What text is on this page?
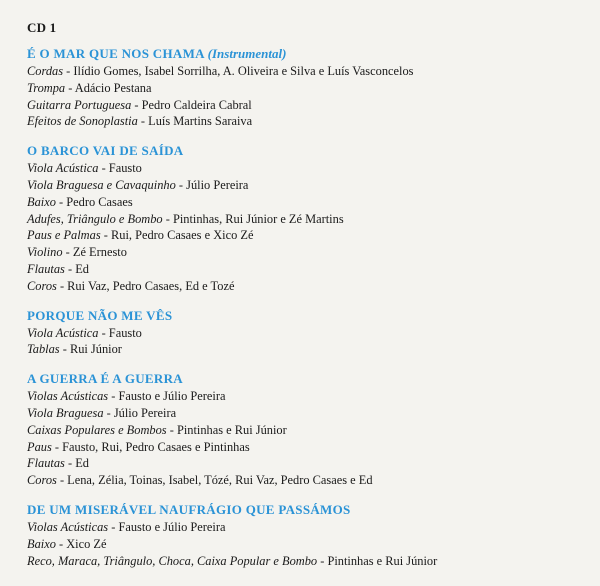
CD 1
É O MAR QUE NOS CHAMA (Instrumental)
Cordas - Ilídio Gomes, Isabel Sorrilha, A. Oliveira e Silva e Luís Vasconcelos
Trompa - Adácio Pestana
Guitarra Portuguesa - Pedro Caldeira Cabral
Efeitos de Sonoplastia - Luís Martins Saraiva
O BARCO VAI DE SAÍDA
Viola Acústica - Fausto
Viola Braguesa e Cavaquinho - Júlio Pereira
Baixo - Pedro Casaes
Adufes, Triângulo e Bombo - Pintinhas, Rui Júnior e Zé Martins
Paus e Palmas - Rui, Pedro Casaes e Xico Zé
Violino - Zé Ernesto
Flautas - Ed
Coros - Rui Vaz, Pedro Casaes, Ed e Tozé
PORQUE NÃO ME VÊS
Viola Acústica - Fausto
Tablas - Rui Júnior
A GUERRA É A GUERRA
Violas Acústicas - Fausto e Júlio Pereira
Viola Braguesa - Júlio Pereira
Caixas Populares e Bombos - Pintinhas e Rui Júnior
Paus - Fausto, Rui, Pedro Casaes e Pintinhas
Flautas - Ed
Coros - Lena, Zélia, Toinas, Isabel, Tózé, Rui Vaz, Pedro Casaes e Ed
DE UM MISERÁVEL NAUFRÁGIO QUE PASSÁMOS
Violas Acústicas - Fausto e Júlio Pereira
Baixo - Xico Zé
Reco, Maraca, Triângulo, Choca, Caixa Popular e Bombo - Pintinhas e Rui Júnior
